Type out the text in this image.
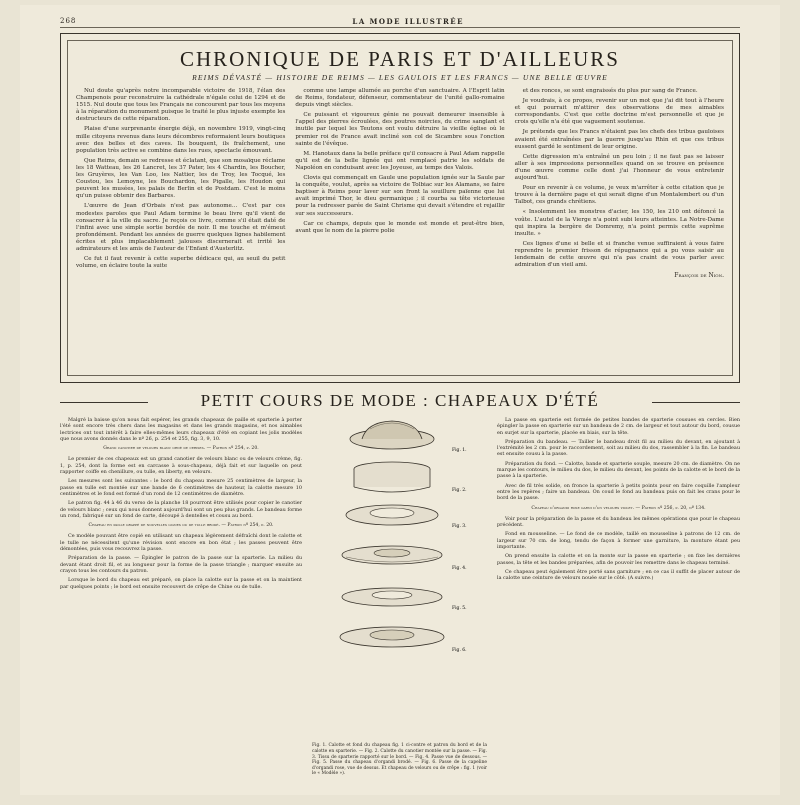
268	LA MODE ILLUSTRÉE
CHRONIQUE DE PARIS ET D'AILLEURS
REIMS DÉVASTÉ — HISTOIRE DE REIMS — LES GAULOIS ET LES FRANCS — UNE BELLE ŒUVRE

Nul doute qu'après notre incomparable victoire de 1918, l'élan des Champenois pour reconstruire la cathédrale n'égale celui de 1294 et de 1515. Nul doute que tous les Français ne concourent par tous les moyens à la réparation du monument puisque le traité le plus injuste exempte les destructeurs de cette réparation.

Plaise d'une surprenante énergie déjà, en novembre 1919, vingt-cinq mille citoyens revenus dans leurs décombres reformaient leurs boutiques avec des belles et des caves. Ils bouquent, ils fraîchement, une population très active se combine dans les rues, spectacle émouvant.

Que Reims, demain se redresse et éclatant, que son mosaïque réclame les 18 Watteau, les 26 Lancret, les 37 Pater, les 4 Chardin, les Boucher, les Gruyères, les Van Loo, les Nattier, les de Troy, les Tocqué, les Coustou, les Lemoyne, les Bouchardon, les Pigalle, les Houdon qui peuvent les musées, les palais de Berlin et de Postdam. C'est le moins qu'un puisse obtenir des Barbares.

L'œuvre de Jean d'Orbais n'est pas autonome… C'est par ces modestes paroles que Paul Adam termine le beau livre qu'il vient de consacrer à la ville du sacre. Je reçois ce livre, comme s'il était daté de l'infini avec une simple sortie bordée de noir. Il me touche et m'émeut profondément. Pendant les années de guerre quelques lignes habilement écrites et plus implacablement jalouses discernerait et irrité les admirateurs et les amis de l'auteur de l'Enfant d'Austerlitz.

Ce fut il faut revenir à cette superbe dédicace qui, au seuil du petit volume, en éclaire toute la suite

comme une lampe allumée au porche d'un sanctuaire. A l'Esprit latin de Reims, fondateur, défenseur, commentateur de l'unité gallo-romaine depuis vingt siècles.

Ce puissant et vigoureux génie ne pouvait demeurer insensible à l'appel des pierres écroulées, des poutres noircies, du crime sanglant et inutile par lequel les Teutons ont voulu détruire la vieille église où le premier roi de France avait incliné son col de Sicambre sous l'onction sainte de l'évêque.

M. Hanotaux dans la belle préface qu'il consacre à Paul Adam rappelle qu'il est de la belle lignée qui ont remplacé patrie les soldats de Napoléon en conduisant avec les Joyeuse, au temps des Valois.

Clovis qui commençait en Gaule une population ignée sur la Saule par la conquête, voulut, après sa victoire de Tolbiac sur les Alamans, se faire baptiser à Reims pour laver sur son front la souillure païenne que lui avait imprimé Thor, le dieu germanique ; il courba sa tête victorieuse pour la redresser parée de Saint Chrisme qui devait s'étendre et rejaillir sur ses successeurs.

Car ce champs, depuis que le monde est monde et peut-être bien, avant que le nom de la pierre polie

et des ronces, se sont engraissés du plus pur sang de France.

Je voudrais, à ce propos, revenir sur un mot que j'ai dit tout à l'heure et qui pourrait m'attirer des observations de mes aimables correspondants. C'est que cette doctrine m'est personnelle et que je crois qu'elle n'a été que vaguement soutenue.

Je prétends que les Francs n'étaient pas les chefs des tribus gauloises avaient été entraînées par la guerre jusqu'au Rhin et que ces tribus eussent gardé le sentiment de leur origine.

Cette digression m'a entraîné un peu loin ; il ne faut pas se laisser aller à ses impressions personnelles quand on se trouve en présence d'une œuvre comme celle dont j'ai l'honneur de vous entretenir aujourd'hui.

Pour en revenir à ce volume, je veux m'arrêter à cette citation que je trouve à la dernière page et qui serait digne d'un Montalembert ou d'un Talbot, ces grands chrétiens.

« Insolemment les monstres d'acier, les 150, les 210 ont défoncé la voûte. L'autel de la Vierge n'a point subi leurs atteintes. La Notre-Dame qui inspira la bergère de Domremy, n'a point permis cette suprême insulte. »

Ces lignes d'une si belle et si franche venue suffiraient à vous faire reprendre le premier frisson de répugnance qui a pu vous saisir au lendemain de cette œuvre qui n'a pas craint de vous parler avec admiration d'un vieil ami.

François de Nion.
PETIT COURS DE MODE : CHAPEAUX D'ÉTÉ

Malgré la baisse qu'on nous fait espérer, les grands chapeaux de paille et sparterie à porter l'été sont encore très chers dans les magasins et dans les grands magasins, et nos aimables lectrices ont tout intérêt à faire elles-mêmes leurs chapeaux d'été en copiant les jolis modèles que nous avons donnés dans le nº 26, p. 254 et 255, fig. 3, 9, 10.

Grand canotier de velours blanc orné de cerises. — Patron nº 254, p. 20.

Le premier de ces chapeaux est un grand canotier de velours blanc ou de velours crème, fig. 1, p. 254, dont la forme est en carcasse à sous-chapeau, déjà fait et sur laquelle on peut rapporter coiffe en chenillure, ou tulle, en liberty, en velours.

Les mesures sont les suivantes : le bord du chapeau mesure 25 centimètres de largeur, la passe en tulle est montée sur une bande de 6 centimètres de hauteur, la calotte mesure 10 centimètres et le fond est formé d'un rond de 12 centimètres de diamètre.

Le patron fig. 44 à 46 du verso de la planche 18 pourront être utilisés pour copier le canotier de velours blanc ; ceux qui nous donnent aujourd'hui sont un peu plus grands. Le bandeau forme un rond, fabriqué sur un fond de carte, découpé à dentelles et cousu au bord.

Chapeau en paille grappé de nouvelles lignes ou de tulle brodé. — Patron nº 254, p. 20.

Ce modèle pouvant être copié en utilisant un chapeau légèrement défraîchi dont le calotte et le tulle ne nécessitent qu'une révision sont encore en bon état ; les passes peuvent être démontées, puis vous recouvrez la passe.

Préparation de la passe. — Épingler le patron de la passe sur la sparterie. La milieu du devant étant droit fil, et au longueur pour la forme de la passe triangle ; marquer ensuite au crayon tous les contours du patron.

Lorsque le bord du chapeau est préparé, on place la calotte sur la passe et on la maintient par quelques points ; le bord est ensuite recouvert de crêpe de Chine ou de tulle.

Fig. 1.
Fig. 2.
Fig. 3.
Fig. 4.
Fig. 5.
Fig. 6.
Fig. 1. Calotte et fond du chapeau fig. 1 ci-contre et patron du bord et de la calotte en sparterie. — Fig. 2. Calotte du canotier montée sur la passe. — Fig. 3. Tissu de sparterie rapporté sur le bord. — Fig. 4. Passe vue de dessous. — Fig. 5. Passe du chapeau d'organdi brodé. — Fig. 6. Passe de la capeline d'organdi rose, vue de dessus. Et chapeau de velours ou de crêpe : fig. 1 (voir le « Modèle »).

La passe en sparterie est formée de petites bandes de sparterie cousues en cercles. Bien épingler la passe en sparterie sur un bandeau de 2 cm. de largeur et tout autour du bord, cousue en surjet sur la sparterie, placée en biais, sur la tête.

Préparation du bandeau. — Tailler le bandeau droit fil au milieu du devant, en ajoutant à l'extrémité les 2 cm. pour le raccordement, soit au milieu du dos, rassembler à la fin. Le bandeau est ensuite cousu à la passe.

Préparation du fond. — Calotte, bande et sparterie souple, mesure 20 cm. de diamètre. On ne marque les contours, le milieu du dos, le milieu du devant, les points de la calotte et le bord de la passe à la sparterie.

Avec de fil très solide, on fronce la sparterie à petits points pour en faire coquille l'ampleur entre les repères ; faire un bandeau. On coud le fond au bandeau puis on fait les crans pour le bord de la passe.

Chapeau d'organdi rose garni d'un velours violet. — Patron nº 256, p. 20, nº 134.

Voir pour la préparation de la passe et du bandeau les mêmes opérations que pour le chapeau précédent.

Fond en mousseline. — Le fond de ce modèle, taillé en mousseline à patrons de 12 cm. de largeur sur 70 cm. de long, tendu de façon à former une garniture, la monture étant peu importante.

On prend ensuite la calotte et on la monte sur la passe en sparterie ; on fixe les dernières passes, la tête et les bandes préparées, afin de pouvoir les remettre dans le chapeau terminé.

Ce chapeau peut également être porté sans garniture ; en ce cas il suffit de placer autour de la calotte une ceinture de velours nouée sur le côté. (A suivre.)
